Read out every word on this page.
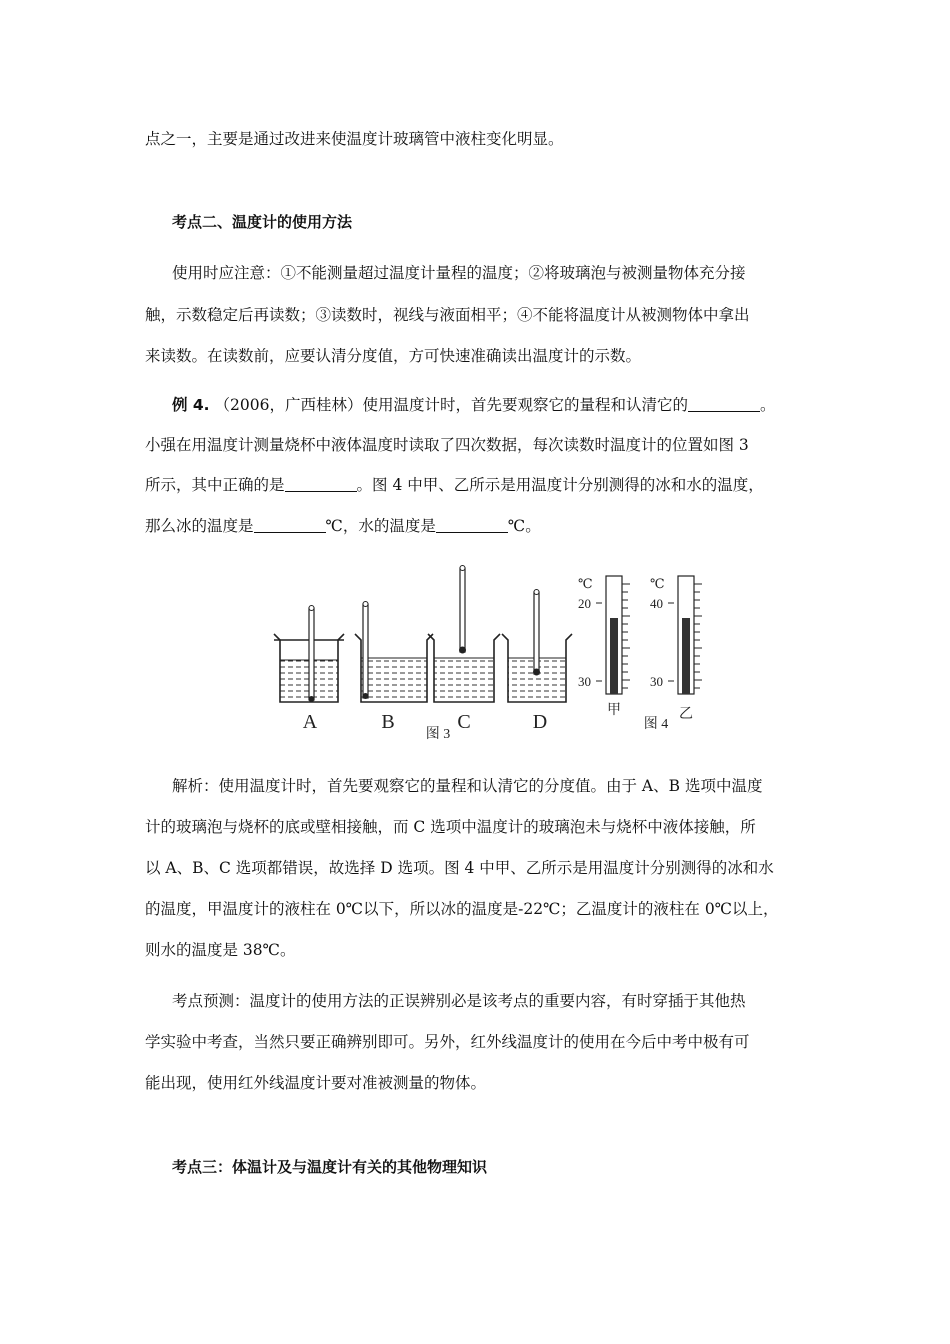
点之一，主要是通过改进来使温度计玻璃管中液柱变化明显。
考点二、温度计的使用方法
使用时应注意：①不能测量超过温度计量程的温度；②将玻璃泡与被测量物体充分接
触，示数稳定后再读数；③读数时，视线与液面相平；④不能将温度计从被测物体中拿出
来读数。在读数前，应要认清分度值，方可快速准确读出温度计的示数。
例 4. （2006，广西桂林）使用温度计时，首先要观察它的量程和认清它的	。
小强在用温度计测量烧杯中液体温度时读取了四次数据，每次读数时温度计的位置如图 3
所示，其中正确的是	。图 4 中甲、乙所示是用温度计分别测得的冰和水的温度，
那么冰的温度是	℃，水的温度是	℃。
A	B	C	D
图 3
℃
20
30
甲
图 4
℃
40
30
乙
解析：使用温度计时，首先要观察它的量程和认清它的分度值。由于 A、B 选项中温度
计的玻璃泡与烧杯的底或壁相接触，而 C 选项中温度计的玻璃泡未与烧杯中液体接触，所
以 A、B、C 选项都错误，故选择 D 选项。图 4 中甲、乙所示是用温度计分别测得的冰和水
的温度，甲温度计的液柱在 0℃以下，所以冰的温度是-22℃；乙温度计的液柱在 0℃以上，
则水的温度是 38℃。
考点预测：温度计的使用方法的正误辨别必是该考点的重要内容，有时穿插于其他热
学实验中考查，当然只要正确辨别即可。另外，红外线温度计的使用在今后中考中极有可
能出现，使用红外线温度计要对准被测量的物体。
考点三：体温计及与温度计有关的其他物理知识
